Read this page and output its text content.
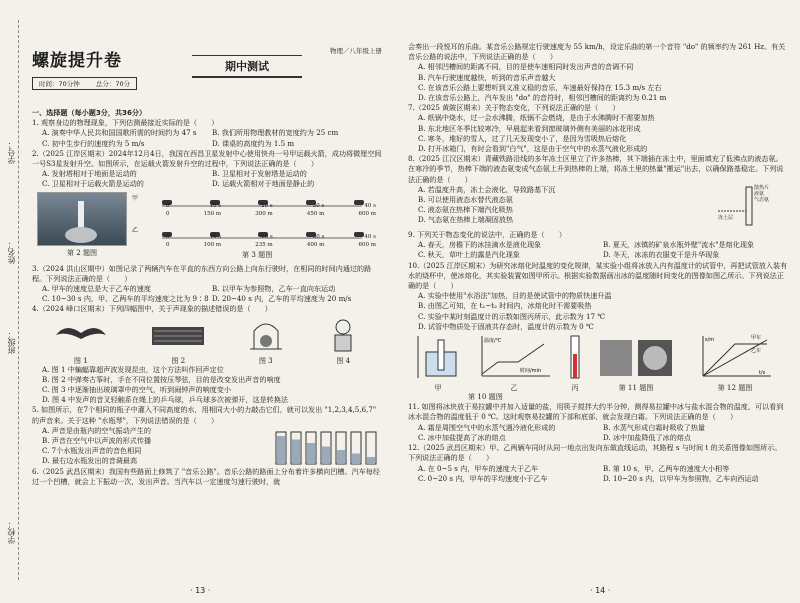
学号：
姓名：
班级：
学校：
螺旋提升卷
时间：70分钟 总分：70分
物理／八年级上册
期中测试
一、选择题（每小题3分，共36分）

1. 观察身边的物理现象，下列估测最接近实际的是（　　）

A. 演奏中华人民共和国国歌所需的时间约为 47 s	B. 我们所用物理教材的宽度约为 25 cm
C. 初中生步行的速度约为 5 m/s	D. 课桌的高度约为 1.5 m

2.（2025 江岸区期末）2024年12月4日，我国在西昌卫星发射中心使用快舟一号甲运载火箭，成功将微厘空间一号S3星发射升空。如图所示，在运载火箭发射升空的过程中，下列说法正确的是（　　）

A. 发射塔相对于地面是运动的	B. 卫星相对于发射塔是运动的
C. 卫星相对于运载火箭是运动的	D. 运载火箭相对于地面是静止的
第 2 题图
甲
乙
0	10 s	20 s	30 s	40 s
0	150 m	300 m	450 m	600 m
0	10 s	20 s	30 s	40 s
0	100 m	235 m	400 m	600 m
第 3 题图

3.（2024 洪山区期中）如图记录了两辆汽车在平直的东西方向公路上向东行驶时，在相同的时间内通过的路程。下列说法正确的是（　　）

A. 甲车的速度总是大于乙车的速度	B. 以甲车为参照物，乙车一直向东运动
C. 10~30 s 内，甲、乙两车的平均速度之比为 9∶8 D. 20~40 s 内，乙车的平均速度为 20 m/s

4.（2024 峰口区期末）下列四幅图中，关于声现象的描述错误的是（　　）

图 1	图 2	图 3	图 4

A. 图 1 中蝙蝠靠超声波发现昆虫，这个方法叫作回声定位

B. 图 2 中弹奏古筝时，手在不同位置按压琴弦，目的是改变发出声音的响度

C. 图 3 中逐渐抽出玻璃罩中的空气，听到闹钟声的响度变小

D. 图 4 中发声的音叉轻触系在绳上的乒乓球，乒乓球多次被弹开，这是转换法

5. 如图所示，在7个相同的瓶子中灌入不同高度的水，用相同大小的力敲击它们，就可以发出 "1,2,3,4,5,6,7" 的声音来。关于这种 "水瓶琴"，下列说法错误的是（　　）

A. 声音是由瓶内的空气振动产生的

B. 声音在空气中以声波的形式传播

C. 7个水瓶发出声音的音色相同

D. 最右边水瓶发出的音调最高

6.（2025 武昌区期末）我国有些路面上修筑了 "音乐公路"。音乐公路的路面上分布着许多横向凹槽。汽车每经过一个凹槽，就会上下振动一次，发出声音。当汽车以一定速度匀速行驶时，就

· 13 ·

会奏出一段悦耳的乐曲。某音乐公路规定行驶速度为 55 km/h，设定乐曲的第一个音符 "do" 的频率约为 261 Hz。有关音乐公路的说法中，下列说法正确的是（　　）

A. 相邻凹槽间的距离不同，目的是使车速相同时发出声音的音调不同

B. 汽车行驶速度越快，听到的音乐声音越大

C. 在该音乐公路上要想听到义准义稳的音乐，车速最好保持在 15.3 m/s 左右

D. 在该音乐公路上，汽车发出 "do" 的音符时，相邻凹槽间的距离约为 0.21 m

7.（2025 黄陂区期末）关于物态变化，下列说法正确的是（　　）

A. 纸锅中烧水，过一会水沸腾，纸锅不会燃烧，是由于水沸腾时不需要加热

B. 东北地区冬季比较寒冷，早晨起来看到窗玻璃外侧有美丽的冰花形成

C. 寒冬，堆好的雪人，过了几天发现变小了，是因为雪吸热后熔化

D. 打开冰箱门，有时会看到"白气"，这是由于空气中的水蒸气液化形成的

8.（2025 江汉区期末）青藏铁路沿线的多年冻土区里立了许多热棒，其下端插在冻土中，里面填充了低沸点的液态氨。在寒冷的季节，热棒下端的液态氨变成气态氨上升到热棒的上端，将冻土里的热量"搬运"出去，以确保路基稳定。下列说法正确的是（　　）

A. 若温度升高，冻土会液化，导致路基下沉

B. 可以使用液态水替代液态氨

C. 液态氨在热棒下端汽化吸热

D. 气态氨在热棒上端凝固放热

散热片
液氨
气态氨
冻土层

9. 下列关于物态变化的说法中，正确的是（　　）

A. 春天，房檐下的冰挂滴水是液化现象	B. 夏天，冰镇的矿泉水瓶外壁"流水"是熔化现象
C. 秋天，草叶上的露是汽化现象	D. 冬天，冰冻的衣服变干是升华现象

10.（2025 江岸区期末）为研究冰熔化时温度的变化规律，某实验小组将冰放入内有温度计的试管中，再把试管放入装有水的烧杯中，使冰熔化，其实验装置如图甲所示。根据实验数据画出冰的温度随时间变化的图像如图乙所示。下列说法正确的是（　　）

A. 实验中使用"水浴法"加热，目的是使试管中的物质快速升温

B. 由图乙可知，在 t₁~t₂ 时间内，冰熔化时不需要吸热

C. 实验中某时刻温度计的示数如图丙所示，此示数为 17 ℃

D. 试管中物质处于固液共存态时，温度计的示数为 0 ℃

甲
温度/℃
时间/min
乙	丙	第 11 题图
s/m
t/s
甲车
乙车
第 12 题图
第 10 题图

11. 如图将冰块放于易拉罐中并加入适量的盐，用筷子搅拌大约半分钟，测得易拉罐中冰与盐水混合物的温度，可以看到冰水混合物的温度低于 0 ℃。这时观察易拉罐的下部和底部，就会发现白霜。下列说法正确的是（　　）

A. 霜是周围空气中的水蒸气遇冷液化形成的	B. 水蒸气形成白霜时吸收了热量
C. 冰中加盐提高了冰的熔点	D. 冰中加盐降低了冰的熔点

12.（2025 武昌区期末）甲、乙两辆车同时从同一地点出发向东做直线运动，其路程 s 与时间 t 的关系图像如图所示。下列说法正确的是（　　）

A. 在 0~5 s 内，甲车的速度大于乙车	B. 第 10 s，甲、乙两车的速度大小相等
C. 0~20 s 内，甲车的平均速度小于乙车	D. 10~20 s 内，以甲车为参照物，乙车向西运动
· 14 ·
